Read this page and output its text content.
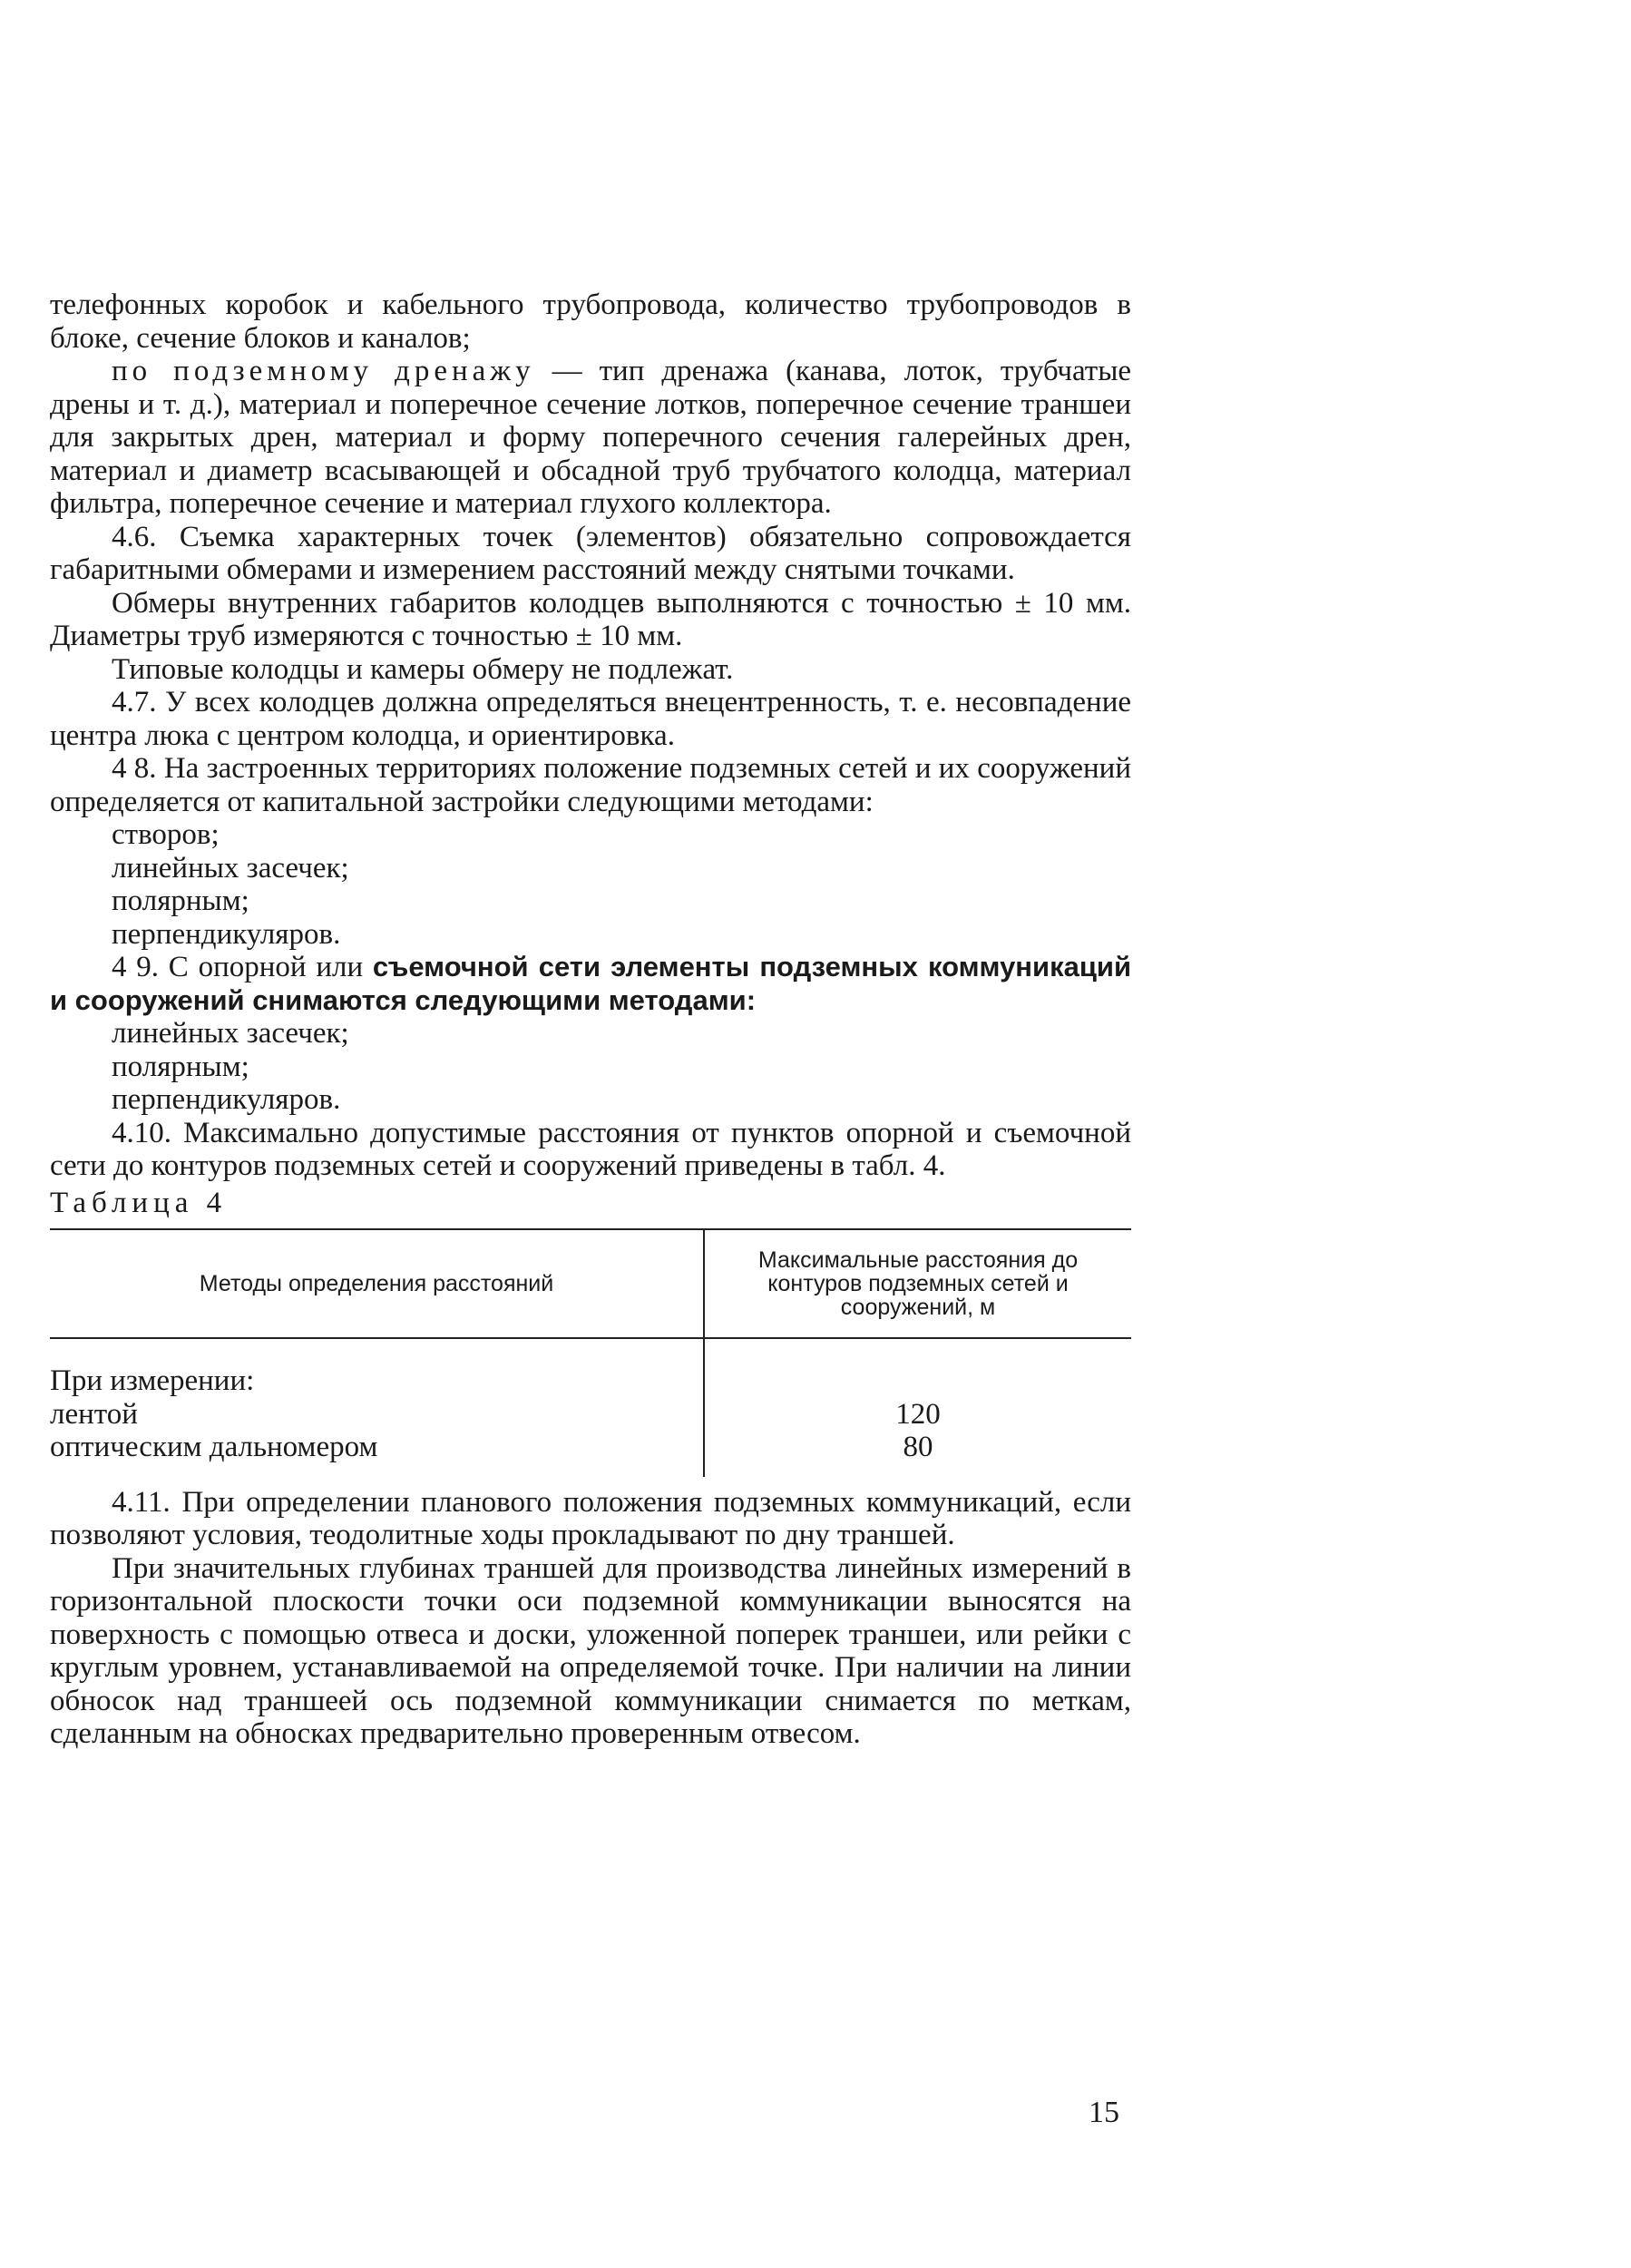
телефонных коробок и кабельного трубопровода, количество трубопроводов в блоке, сечение блоков и каналов;

по подземному дренажу — тип дренажа (канава, лоток, трубчатые дрены и т. д.), материал и поперечное сечение лотков, поперечное сечение траншеи для закрытых дрен, материал и форму поперечного сечения галерейных дрен, материал и диаметр всасывающей и обсадной труб трубчатого колодца, материал фильтра, поперечное сечение и материал глухого коллектора.

4.6. Съемка характерных точек (элементов) обязательно сопровождается габаритными обмерами и измерением расстояний между снятыми точками.

Обмеры внутренних габаритов колодцев выполняются с точностью ± 10 мм. Диаметры труб измеряются с точностью ± 10 мм.

Типовые колодцы и камеры обмеру не подлежат.

4.7. У всех колодцев должна определяться внецентренность, т. е. несовпадение центра люка с центром колодца, и ориентировка.

4 8. На застроенных территориях положение подземных сетей и их сооружений определяется от капитальной застройки следующими методами:

створов;

линейных засечек;

полярным;

перпендикуляров.

4 9. С опорной или съемочной сети элементы подземных коммуникаций и сооружений снимаются следующими методами:

линейных засечек;

полярным;

перпендикуляров.

4.10. Максимально допустимые расстояния от пунктов опорной и съемочной сети до контуров подземных сетей и сооружений приведены в табл. 4.

Таблица 4

Методы определения расстояний	Максимальные расстояния до контуров подземных сетей и сооружений, м
При измерении:	
лентой	120
оптическим дальномером	80

4.11. При определении планового положения подземных коммуникаций, если позволяют условия, теодолитные ходы прокладывают по дну траншей.

При значительных глубинах траншей для производства линейных измерений в горизонтальной плоскости точки оси подземной коммуникации выносятся на поверхность с помощью отвеса и доски, уложенной поперек траншеи, или рейки с круглым уровнем, устанавливаемой на определяемой точке. При наличии на линии обносок над траншеей ось подземной коммуникации снимается по меткам, сделанным на обносках предварительно проверенным отвесом.

15
